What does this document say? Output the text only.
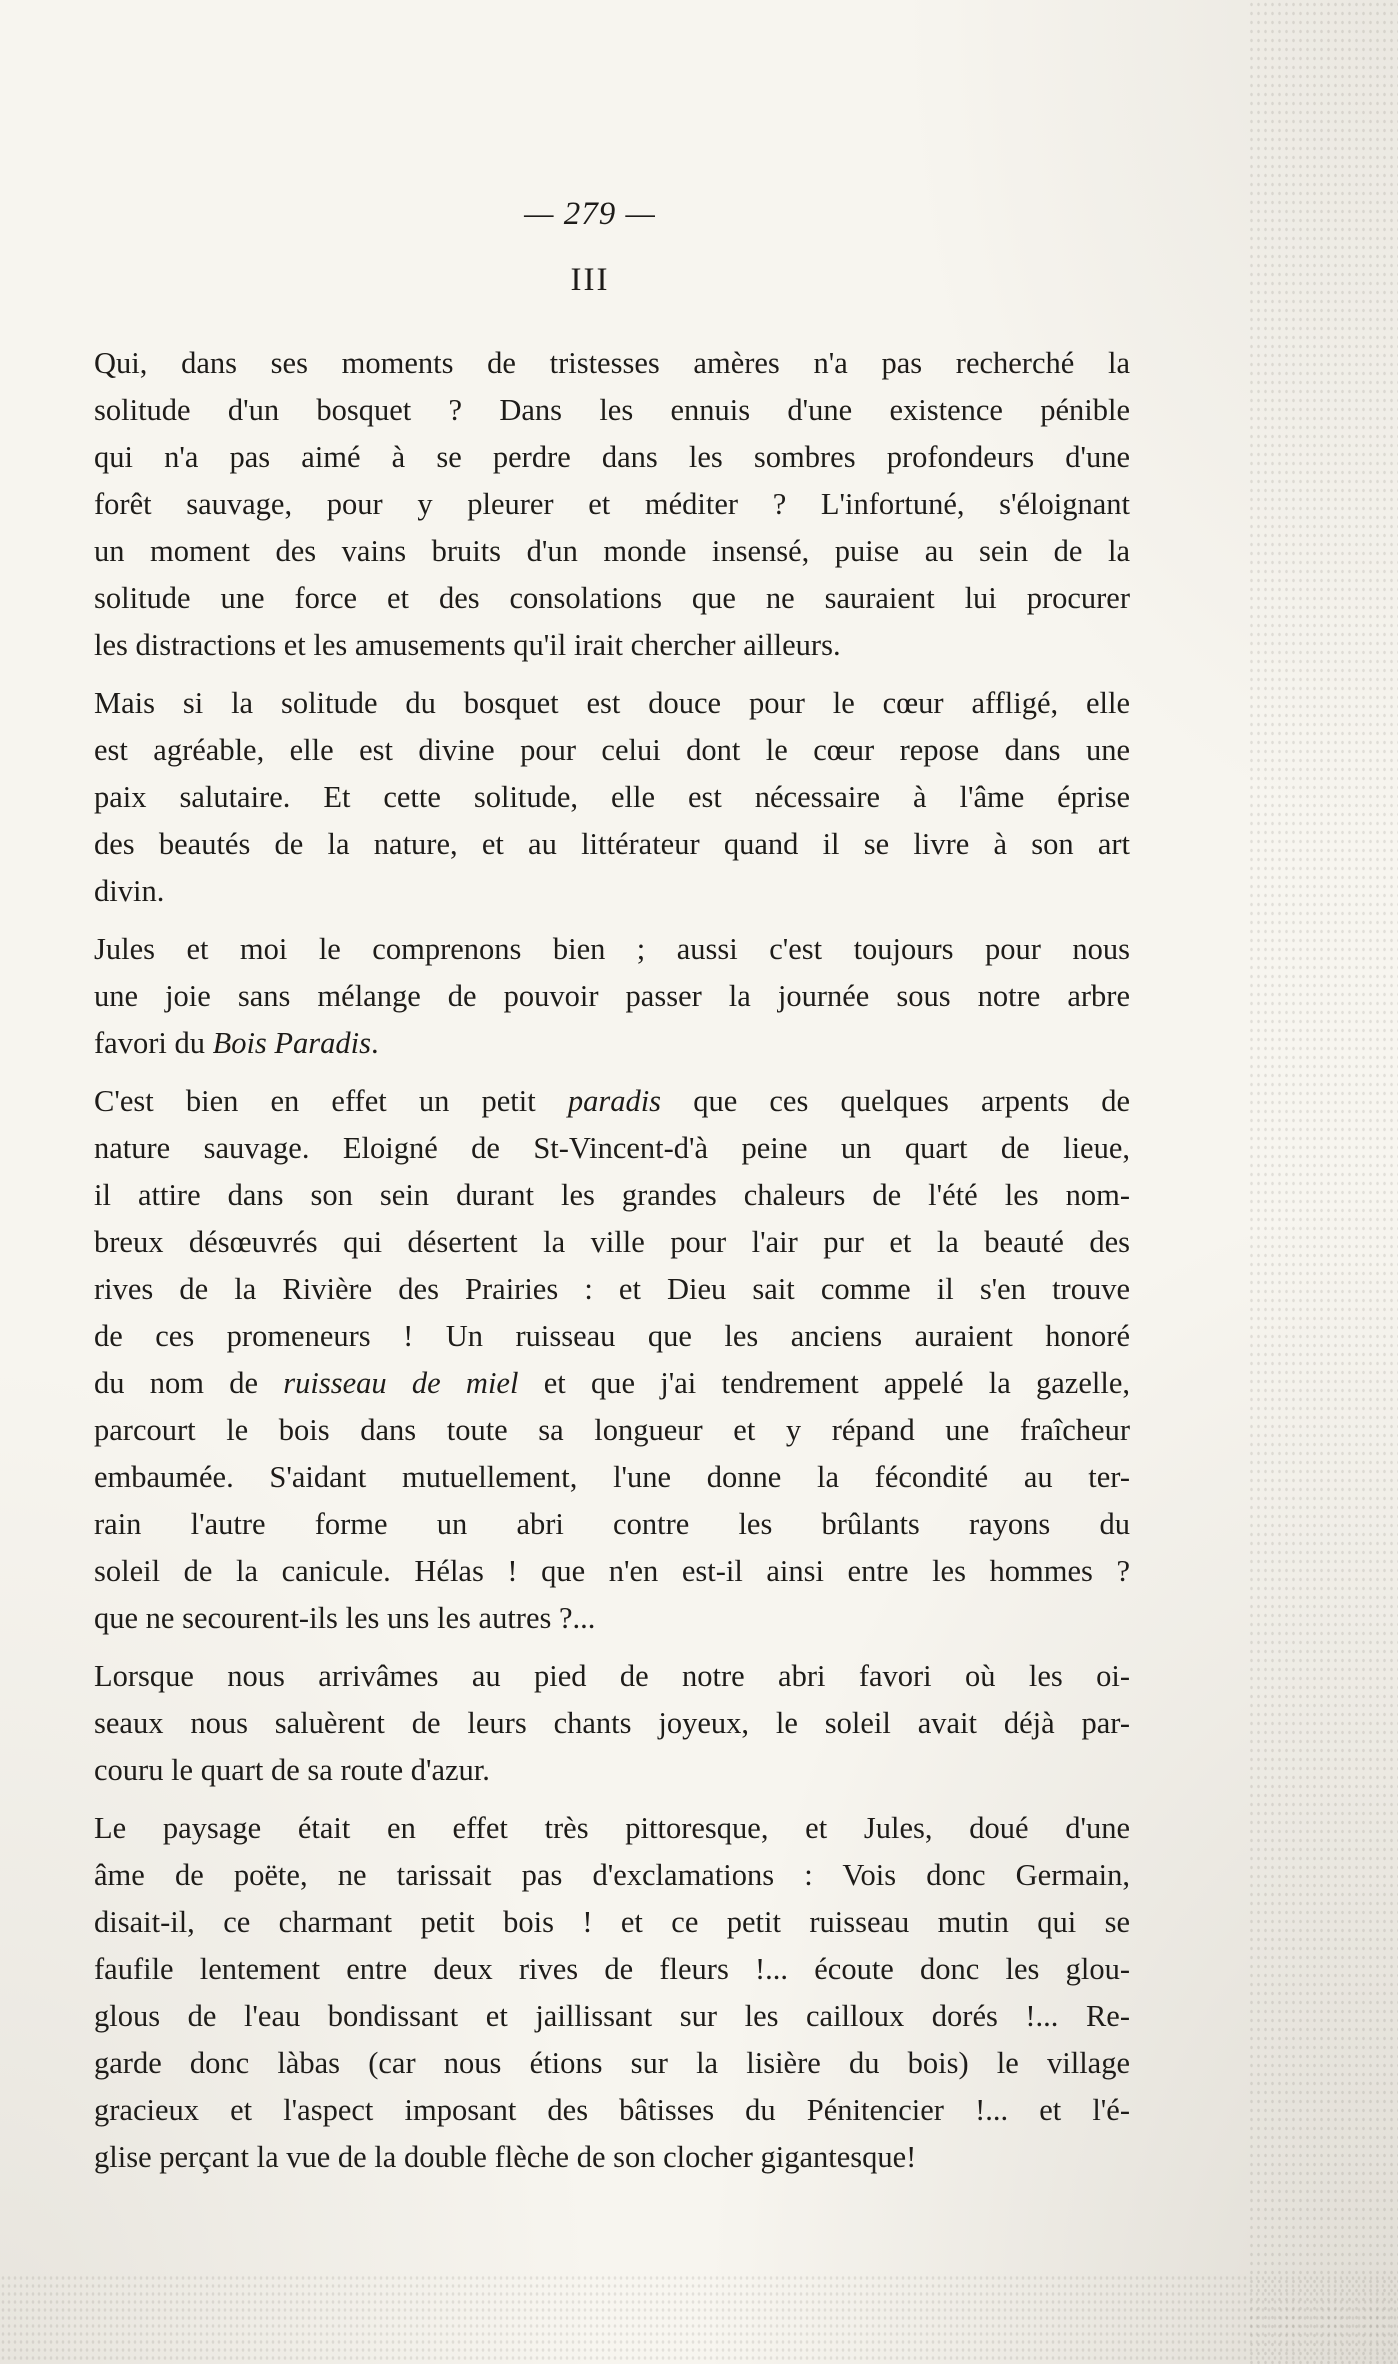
— 279 —
III

Qui, dans ses moments de tristesses amères n'a pas recherché la
solitude d'un bosquet ? Dans les ennuis d'une existence pénible
qui n'a pas aimé à se perdre dans les sombres profondeurs d'une
forêt sauvage, pour y pleurer et méditer ? L'infortuné, s'éloignant
un moment des vains bruits d'un monde insensé, puise au sein de la
solitude une force et des consolations que ne sauraient lui procurer
les distractions et les amusements qu'il irait chercher ailleurs.

Mais si la solitude du bosquet est douce pour le cœur affligé, elle
est agréable, elle est divine pour celui dont le cœur repose dans une
paix salutaire. Et cette solitude, elle est nécessaire à l'âme éprise
des beautés de la nature, et au littérateur quand il se livre à son art
divin.

Jules et moi le comprenons bien ; aussi c'est toujours pour nous
une joie sans mélange de pouvoir passer la journée sous notre arbre
favori du Bois Paradis.

C'est bien en effet un petit paradis que ces quelques arpents de
nature sauvage. Eloigné de St-Vincent-d'à peine un quart de lieue,
il attire dans son sein durant les grandes chaleurs de l'été les nom-
breux désœuvrés qui désertent la ville pour l'air pur et la beauté des
rives de la Rivière des Prairies : et Dieu sait comme il s'en trouve
de ces promeneurs ! Un ruisseau que les anciens auraient honoré
du nom de ruisseau de miel et que j'ai tendrement appelé la gazelle,
parcourt le bois dans toute sa longueur et y répand une fraîcheur
embaumée. S'aidant mutuellement, l'une donne la fécondité au ter-
rain l'autre forme un abri contre les brûlants rayons du
soleil de la canicule. Hélas ! que n'en est-il ainsi entre les hommes ?
que ne secourent-ils les uns les autres ?...

Lorsque nous arrivâmes au pied de notre abri favori où les oi-
seaux nous saluèrent de leurs chants joyeux, le soleil avait déjà par-
couru le quart de sa route d'azur.

Le paysage était en effet très pittoresque, et Jules, doué d'une
âme de poëte, ne tarissait pas d'exclamations : Vois donc Germain,
disait-il, ce charmant petit bois ! et ce petit ruisseau mutin qui se
faufile lentement entre deux rives de fleurs !... écoute donc les glou-
glous de l'eau bondissant et jaillissant sur les cailloux dorés !... Re-
garde donc làbas (car nous étions sur la lisière du bois) le village
gracieux et l'aspect imposant des bâtisses du Pénitencier !... et l'é-
glise perçant la vue de la double flèche de son clocher gigantesque!
